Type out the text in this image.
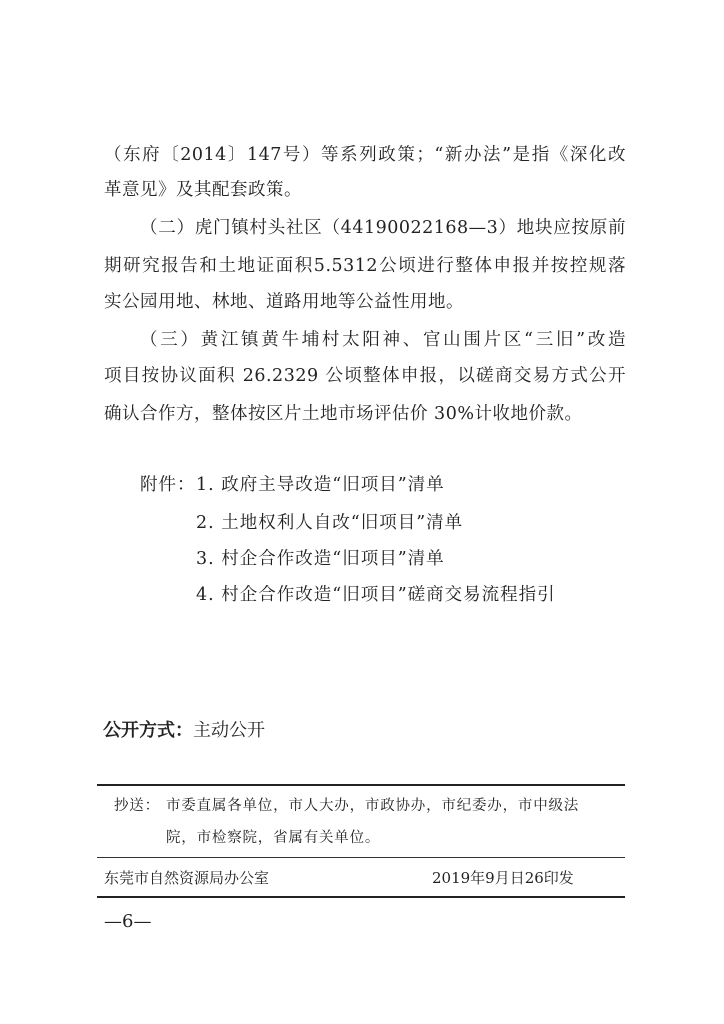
（东府〔2014〕147号）等系列政策；“新办法”是指《深化改
革意见》及其配套政策。
（二）虎门镇村头社区（44190022168—3）地块应按原前
期研究报告和土地证面积5.5312公顷进行整体申报并按控规落
实公园用地、林地、道路用地等公益性用地。
（三）黄江镇黄牛埔村太阳神、官山围片区“三旧”改造
项目按协议面积 26.2329 公顷整体申报，以磋商交易方式公开
确认合作方，整体按区片土地市场评估价 30%计收地价款。
附件： 1. 政府主导改造“旧项目”清单
2. 土地权利人自改“旧项目”清单
3. 村企合作改造“旧项目”清单
4. 村企合作改造“旧项目”磋商交易流程指引
公开方式：主动公开
抄送： 市委直属各单位，市人大办，市政协办，市纪委办，市中级法
院，市检察院，省属有关单位。
东莞市自然资源局办公室	2019年9月日26印发
—6—
